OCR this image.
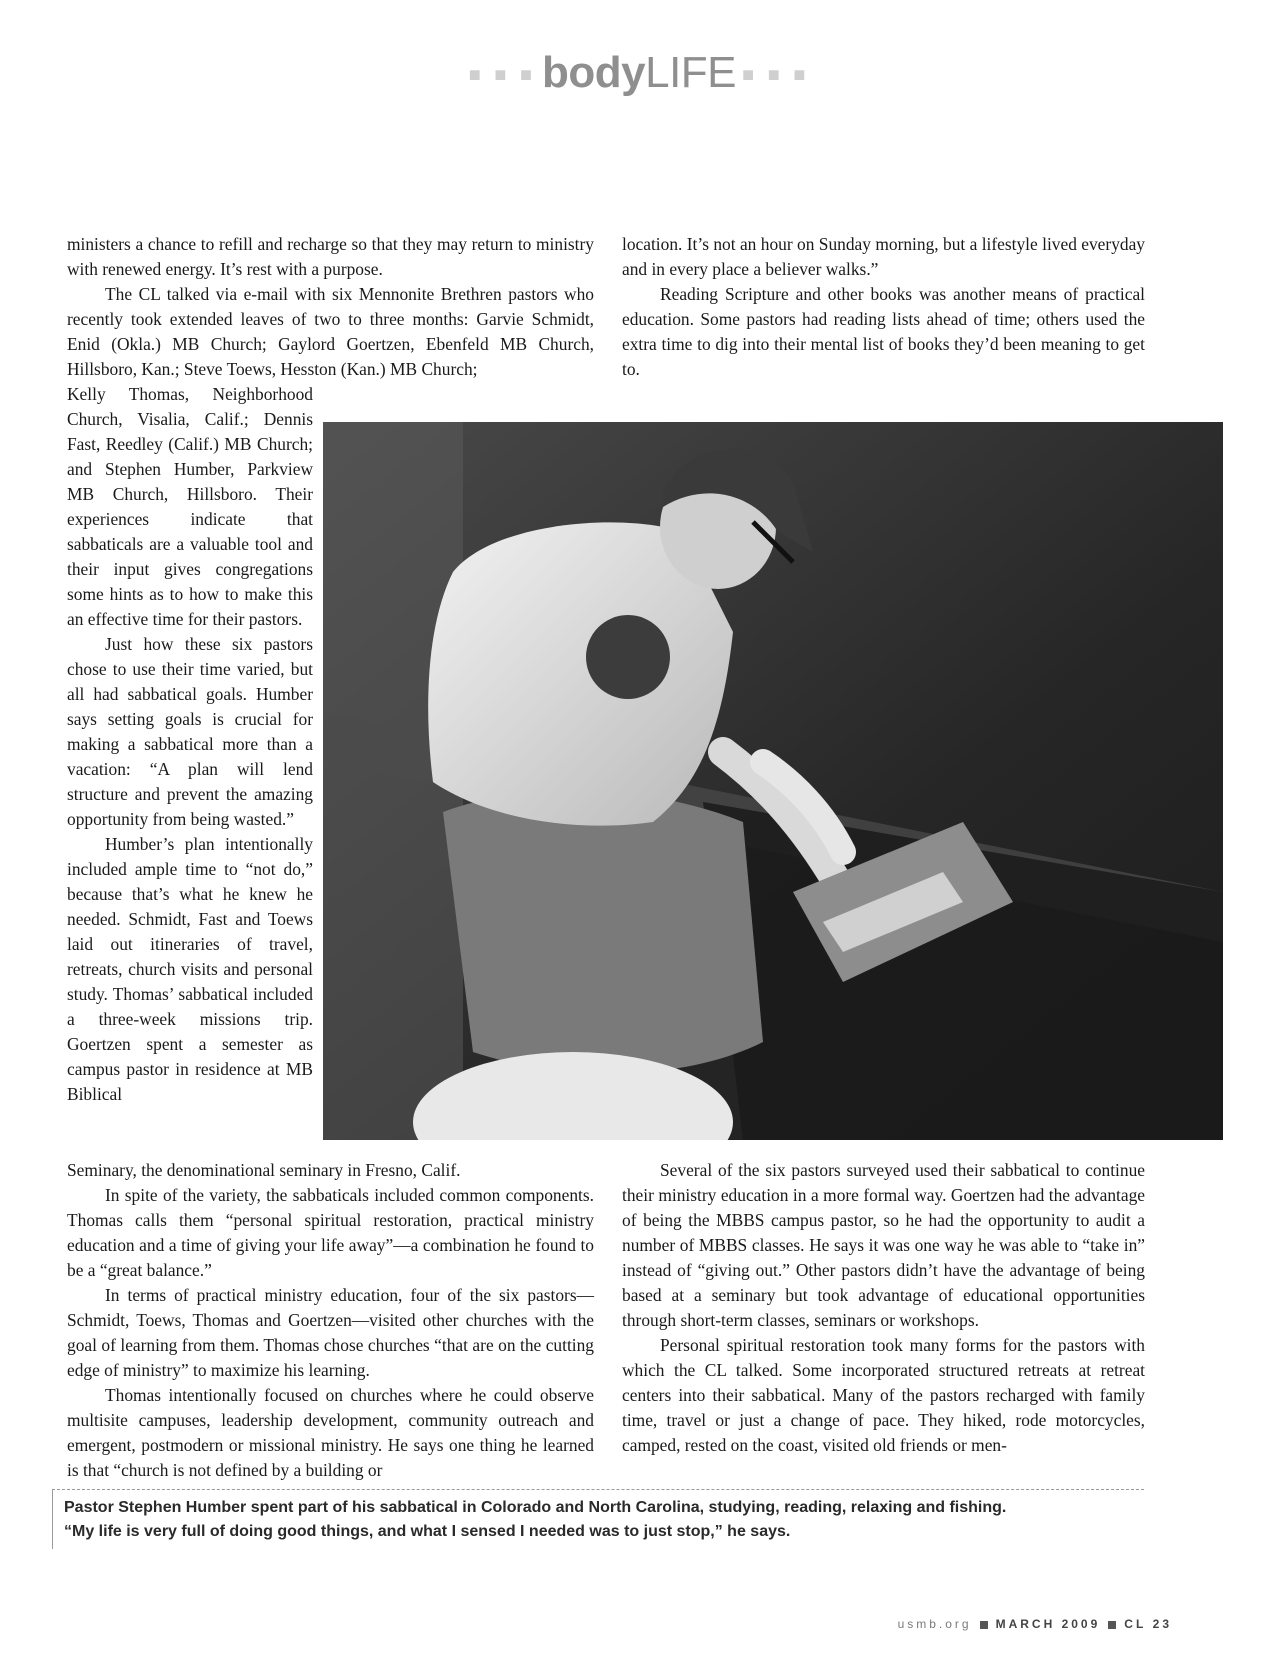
■ ■ ■ bodyLIFE ■ ■ ■

ministers a chance to refill and recharge so that they may return to ministry with renewed energy. It’s rest with a purpose.

The CL talked via e-mail with six Mennonite Brethren pastors who recently took extended leaves of two to three months: Garvie Schmidt, Enid (Okla.) MB Church; Gaylord Goertzen, Ebenfeld MB Church, Hillsboro, Kan.; Steve Toews, Hesston (Kan.) MB Church;

location. It’s not an hour on Sunday morning, but a lifestyle lived everyday and in every place a believer walks.”

Reading Scripture and other books was another means of practical education. Some pastors had reading lists ahead of time; others used the extra time to dig into their mental list of books they’d been meaning to get to.

Kelly Thomas, Neighborhood Church, Visalia, Calif.; Dennis Fast, Reedley (Calif.) MB Church; and Stephen Humber, Parkview MB Church, Hillsboro. Their experiences indicate that sabbaticals are a valuable tool and their input gives congregations some hints as to how to make this an effective time for their pastors.

Just how these six pastors chose to use their time varied, but all had sabbatical goals. Humber says setting goals is crucial for making a sabbatical more than a vacation: “A plan will lend structure and prevent the amazing opportunity from being wasted.”

Humber’s plan intentionally included ample time to “not do,” because that’s what he knew he needed. Schmidt, Fast and Toews laid out itineraries of travel, retreats, church visits and personal study. Thomas’ sabbatical included a three-week missions trip. Goertzen spent a semester as campus pastor in residence at MB Biblical

Seminary, the denominational seminary in Fresno, Calif.

In spite of the variety, the sabbaticals included common components. Thomas calls them “personal spiritual restoration, practical ministry education and a time of giving your life away”—a combination he found to be a “great balance.”

In terms of practical ministry education, four of the six pastors—Schmidt, Toews, Thomas and Goertzen—visited other churches with the goal of learning from them. Thomas chose churches “that are on the cutting edge of ministry” to maximize his learning.

Thomas intentionally focused on churches where he could observe multisite campuses, leadership development, community outreach and emergent, postmodern or missional ministry. He says one thing he learned is that “church is not defined by a building or

Several of the six pastors surveyed used their sabbatical to continue their ministry education in a more formal way. Goertzen had the advantage of being the MBBS campus pastor, so he had the opportunity to audit a number of MBBS classes. He says it was one way he was able to “take in” instead of “giving out.” Other pastors didn’t have the advantage of being based at a seminary but took advantage of educational opportunities through short-term classes, seminars or workshops.

Personal spiritual restoration took many forms for the pastors with which the CL talked. Some incorporated structured retreats at retreat centers into their sabbatical. Many of the pastors recharged with family time, travel or just a change of pace. They hiked, rode motorcycles, camped, rested on the coast, visited old friends or men-

Pastor Stephen Humber spent part of his sabbatical in Colorado and North Carolina, studying, reading, relaxing and fishing.
“My life is very full of doing good things, and what I sensed I needed was to just stop,” he says.
usmb.org MARCH 2009 CL 23
